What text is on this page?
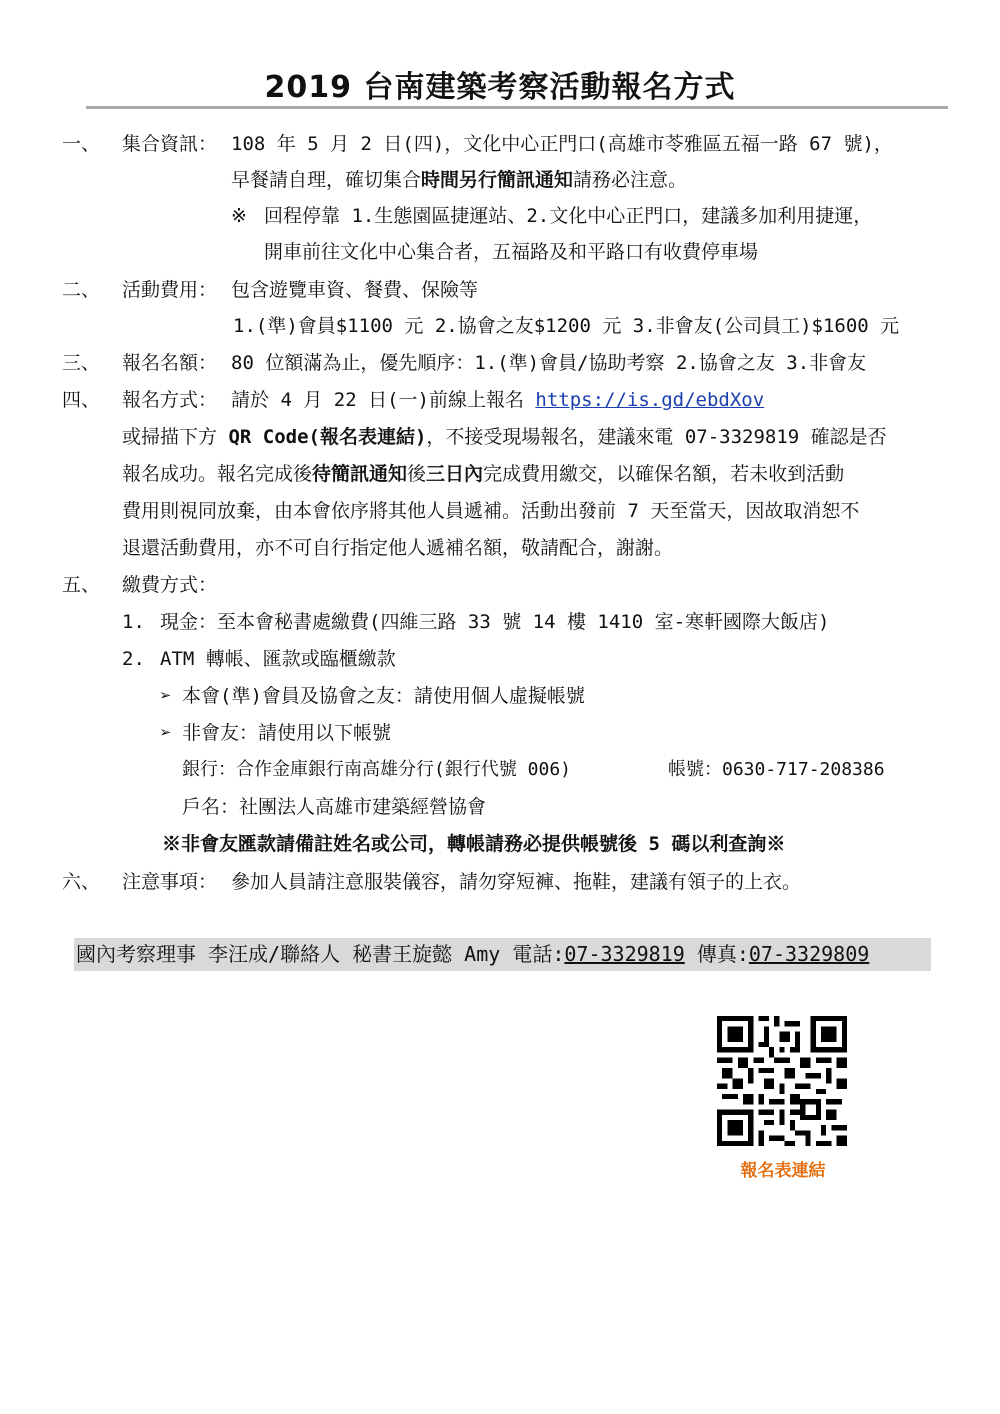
2019 台南建築考察活動報名方式
一、 集合資訊： 108 年 5 月 2 日(四)，文化中心正門口(高雄市苓雅區五福一路 67 號)，
早餐請自理，確切集合時間另行簡訊通知請務必注意。
※ 回程停靠 1.生態園區捷運站、2.文化中心正門口，建議多加利用捷運，
開車前往文化中心集合者，五福路及和平路口有收費停車場
二、 活動費用： 包含遊覽車資、餐費、保險等
1.(準)會員$1100 元 2.協會之友$1200 元 3.非會友(公司員工)$1600 元
三、 報名名額： 80 位額滿為止，優先順序：1.(準)會員/協助考察 2.協會之友 3.非會友
四、 報名方式： 請於 4 月 22 日(一)前線上報名 https://is.gd/ebdXov
或掃描下方 QR Code(報名表連結)，不接受現場報名，建議來電 07-3329819 確認是否
報名成功。報名完成後待簡訊通知後三日內完成費用繳交，以確保名額，若未收到活動
費用則視同放棄，由本會依序將其他人員遞補。活動出發前 7 天至當天，因故取消恕不
退還活動費用，亦不可自行指定他人遞補名額，敬請配合，謝謝。
五、 繳費方式：
1. 現金：至本會秘書處繳費(四維三路 33 號 14 樓 1410 室-寒軒國際大飯店)
2. ATM 轉帳、匯款或臨櫃繳款
➢ 本會(準)會員及協會之友：請使用個人虛擬帳號
➢ 非會友：請使用以下帳號
銀行：合作金庫銀行南高雄分行(銀行代號 006)	帳號：0630-717-208386
戶名：社團法人高雄市建築經營協會
※非會友匯款請備註姓名或公司，轉帳請務必提供帳號後 5 碼以利查詢※
六、 注意事項： 參加人員請注意服裝儀容，請勿穿短褲、拖鞋，建議有領子的上衣。
國內考察理事 李汪成/聯絡人 秘書王旋懿 Amy 電話:07-3329819 傳真:07-3329809
報名表連結
